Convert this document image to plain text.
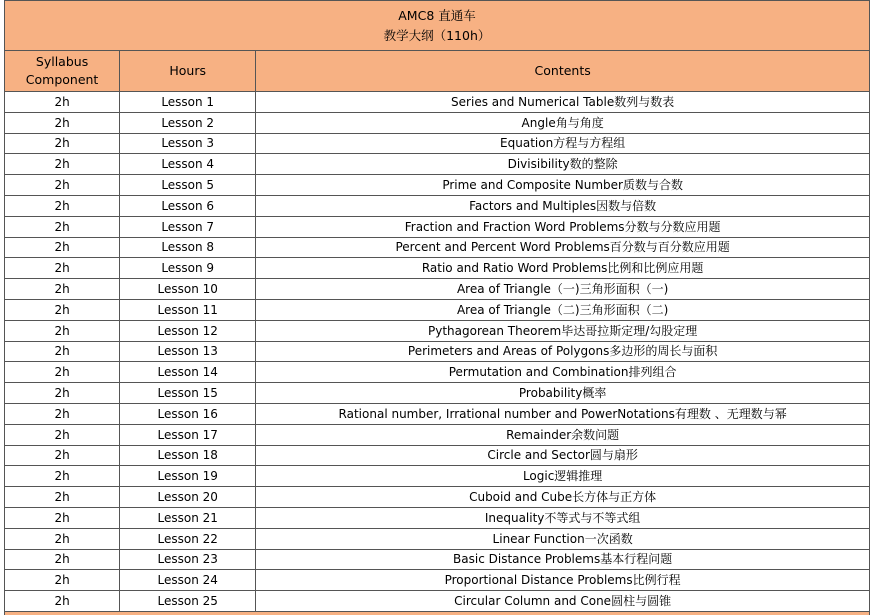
AMC8 直通车
教学大纲（110h）		

Syllabus
Component	Hours	Contents
2h	Lesson 1	Series and Numerical Table数列与数表
2h	Lesson 2	Angle角与角度
2h	Lesson 3	Equation方程与方程组
2h	Lesson 4	Divisibility数的整除
2h	Lesson 5	Prime and Composite Number质数与合数
2h	Lesson 6	Factors and Multiples因数与倍数
2h	Lesson 7	Fraction and Fraction Word Problems分数与分数应用题
2h	Lesson 8	Percent and Percent Word Problems百分数与百分数应用题
2h	Lesson 9	Ratio and Ratio Word Problems比例和比例应用题
2h	Lesson 10	Area of Triangle（一)三角形面积（一)
2h	Lesson 11	Area of Triangle（二)三角形面积（二)
2h	Lesson 12	Pythagorean Theorem毕达哥拉斯定理/勾股定理
2h	Lesson 13	Perimeters and Areas of Polygons多边形的周长与面积
2h	Lesson 14	Permutation and Combination排列组合
2h	Lesson 15	Probability概率
2h	Lesson 16	Rational number, Irrational number and PowerNotations有理数 、无理数与幂
2h	Lesson 17	Remainder余数问题
2h	Lesson 18	Circle and Sector圆与扇形
2h	Lesson 19	Logic逻辑推理
2h	Lesson 20	Cuboid and Cube长方体与正方体
2h	Lesson 21	Inequality不等式与不等式组
2h	Lesson 22	Linear Function一次函数
2h	Lesson 23	Basic Distance Problems基本行程问题
2h	Lesson 24	Proportional Distance Problems比例行程
2h	Lesson 25	Circular Column and Cone圆柱与圆锥
